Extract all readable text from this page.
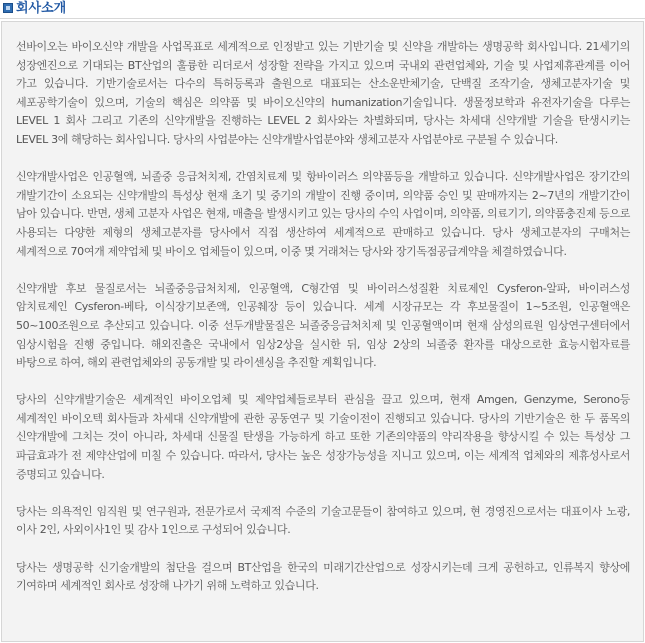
회사소개

선바이오는 바이오신약 개발을 사업목표로 세계적으로 인정받고 있는 기반기술 및 신약을 개발하는 생명공학 회사입니다. 21세기의 성장엔진으로 기대되는 BT산업의 훌륭한 리더로서 성장할 전략을 가지고 있으며 국내외 관련업체와, 기술 및 사업제휴관계를 이어 가고 있습니다. 기반기술로서는 다수의 특허등록과 출원으로 대표되는 산소운반체기술, 단백질 조작기술, 생체고분자기술 및 세포공학기술이 있으며, 기술의 핵심은 의약품 및 바이오신약의 humanization기술입니다. 생물정보학과 유전자기술을 다루는 LEVEL 1 회사 그리고 기존의 신약개발을 진행하는 LEVEL 2 회사와는 차별화되며, 당사는 차세대 신약개발 기술을 탄생시키는 LEVEL 3에 해당하는 회사입니다. 당사의 사업분야는 신약개발사업분야와 생체고분자 사업분야로 구분될 수 있습니다.

신약개발사업은 인공혈액, 뇌졸중 응급처치제, 간염치료제 및 항바이러스 의약품등을 개발하고 있습니다. 신약개발사업은 장기간의 개발기간이 소요되는 신약개발의 특성상 현재 초기 및 중기의 개발이 진행 중이며, 의약품 승인 및 판매까지는 2~7년의 개발기간이 남아 있습니다. 반면, 생체 고분자 사업은 현재, 매출을 발생시키고 있는 당사의 수익 사업이며, 의약품, 의료기기, 의약품충진제 등으로 사용되는 다양한 제형의 생체고분자를 당사에서 직접 생산하여 세계적으로 판매하고 있습니다. 당사 생체고분자의 구매처는 세계적으로 70여개 제약업체 및 바이오 업체들이 있으며, 이중 몇 거래처는 당사와 장기독점공급계약을 체결하였습니다.

신약개발 후보 물질로서는 뇌졸중응급처치제, 인공혈액, C형간염 및 바이러스성질환 치료제인 Cysferon-알파, 바이러스성 암치료제인 Cysferon-베타, 이식장기보존액, 인공췌장 등이 있습니다. 세계 시장규모는 각 후보물질이 1~5조원, 인공혈액은 50~100조원으로 추산되고 있습니다. 이중 선두개발물질은 뇌졸중응급처치제 및 인공혈액이며 현재 삼성의료원 임상연구센터에서 임상시험을 진행 중입니다. 해외진출은 국내에서 임상2상을 실시한 뒤, 임상 2상의 뇌졸중 환자를 대상으로한 효능시험자료를 바탕으로 하여, 해외 관련업체와의 공동개발 및 라이센싱을 추진할 계획입니다.

당사의 신약개발기술은 세계적인 바이오업체 및 제약업체들로부터 관심을 끌고 있으며, 현재 Amgen, Genzyme, Serono등 세계적인 바이오텍 회사들과 차세대 신약개발에 관한 공동연구 및 기술이전이 진행되고 있습니다. 당사의 기반기술은 한 두 품목의 신약개발에 그치는 것이 아니라, 차세대 신물질 탄생을 가능하게 하고 또한 기존의약품의 약리작용을 향상시킬 수 있는 특성상 그 파급효과가 전 제약산업에 미칠 수 있습니다. 따라서, 당사는 높은 성장가능성을 지니고 있으며, 이는 세계적 업체와의 제휴성사로서 증명되고 있습니다.

당사는 의욕적인 임직원 및 연구원과, 전문가로서 국제적 수준의 기술고문들이 참여하고 있으며, 현 경영진으로서는 대표이사 노광, 이사 2인, 사외이사1인 및 감사 1인으로 구성되어 있습니다.

당사는 생명공학 신기술개발의 첨단을 걸으며 BT산업을 한국의 미래기간산업으로 성장시키는데 크게 공헌하고, 인류복지 향상에 기여하며 세계적인 회사로 성장해 나가기 위해 노력하고 있습니다.
